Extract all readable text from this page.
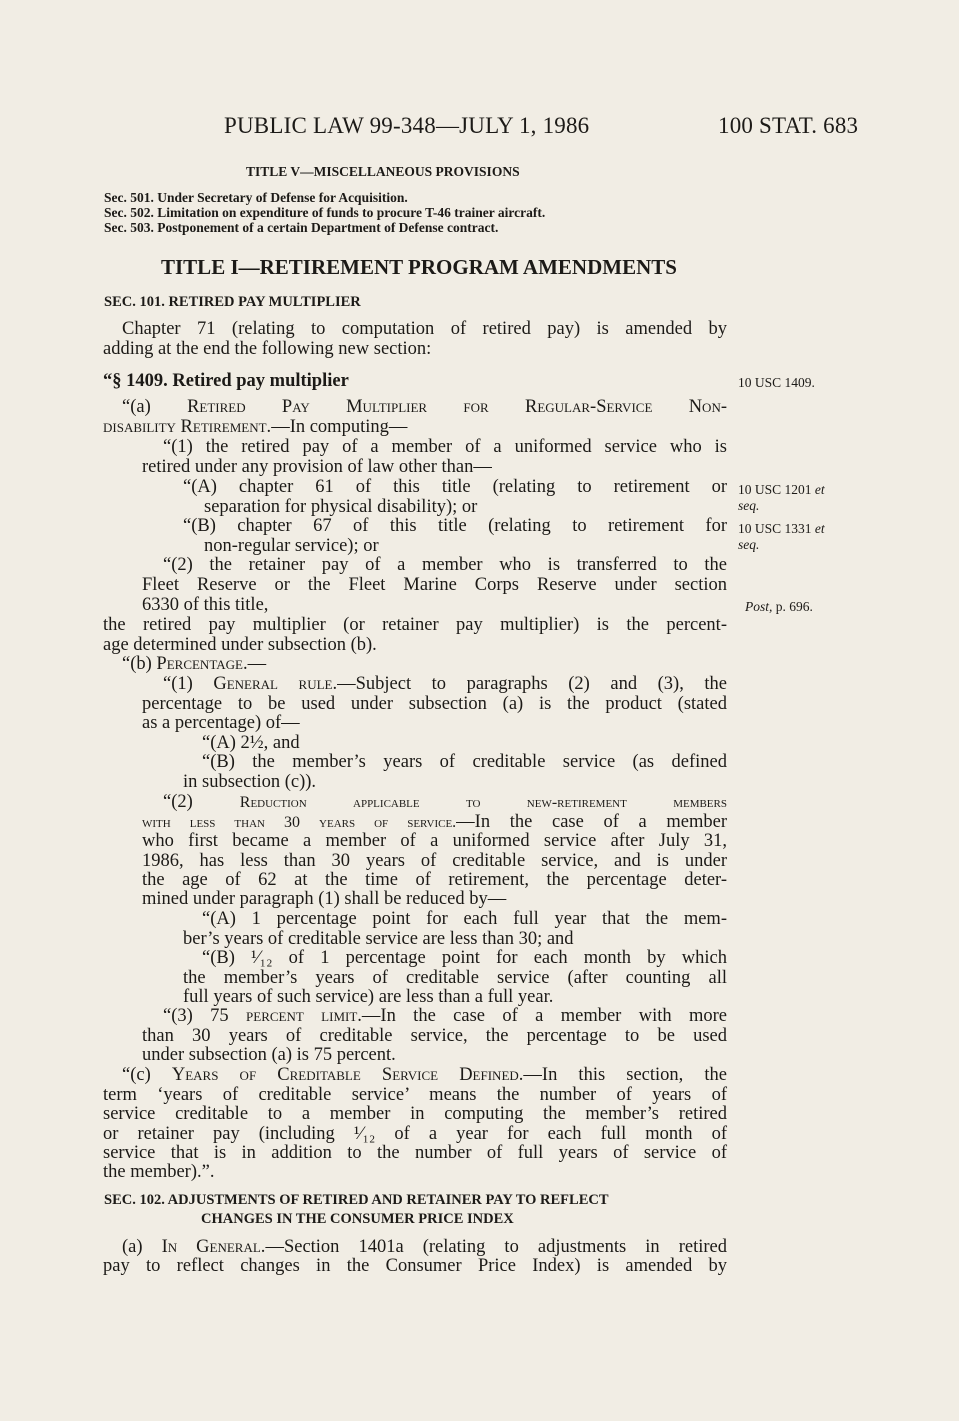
PUBLIC LAW 99-348—JULY 1, 1986	100 STAT. 683
TITLE V—MISCELLANEOUS PROVISIONS
Sec. 501. Under Secretary of Defense for Acquisition.
Sec. 502. Limitation on expenditure of funds to procure T-46 trainer aircraft.
Sec. 503. Postponement of a certain Department of Defense contract.
TITLE I—RETIREMENT PROGRAM AMENDMENTS
SEC. 101. RETIRED PAY MULTIPLIER
Chapter 71 (relating to computation of retired pay) is amended by
adding at the end the following new section:
“§ 1409. Retired pay multiplier
“(a) Retired Pay Multiplier for Regular-Service Non-
disability Retirement.—In computing—
“(1) the retired pay of a member of a uniformed service who is
retired under any provision of law other than—
“(A) chapter 61 of this title (relating to retirement or
separation for physical disability); or
“(B) chapter 67 of this title (relating to retirement for
non-regular service); or
“(2) the retainer pay of a member who is transferred to the
Fleet Reserve or the Fleet Marine Corps Reserve under section
6330 of this title,
the retired pay multiplier (or retainer pay multiplier) is the percent-
age determined under subsection (b).
“(b) Percentage.—
“(1) General rule.—Subject to paragraphs (2) and (3), the
percentage to be used under subsection (a) is the product (stated
as a percentage) of—
“(A) 2½, and
“(B) the member’s years of creditable service (as defined
in subsection (c)).
“(2) Reduction applicable to new-retirement members
with less than 30 years of service.—In the case of a member
who first became a member of a uniformed service after July 31,
1986, has less than 30 years of creditable service, and is under
the age of 62 at the time of retirement, the percentage deter-
mined under paragraph (1) shall be reduced by—
“(A) 1 percentage point for each full year that the mem-
ber’s years of creditable service are less than 30; and
“(B) ¹⁄₁₂ of 1 percentage point for each month by which
the member’s years of creditable service (after counting all
full years of such service) are less than a full year.
“(3) 75 percent limit.—In the case of a member with more
than 30 years of creditable service, the percentage to be used
under subsection (a) is 75 percent.
“(c) Years of Creditable Service Defined.—In this section, the
term ‘years of creditable service’ means the number of years of
service creditable to a member in computing the member’s retired
or retainer pay (including ¹⁄₁₂ of a year for each full month of
service that is in addition to the number of full years of service of
the member).”.
SEC. 102. ADJUSTMENTS OF RETIRED AND RETAINER PAY TO REFLECT
CHANGES IN THE CONSUMER PRICE INDEX
(a) In General.—Section 1401a (relating to adjustments in retired
pay to reflect changes in the Consumer Price Index) is amended by
10 USC 1409.
10 USC 1201 et
seq.
10 USC 1331 et
seq.
Post, p. 696.
